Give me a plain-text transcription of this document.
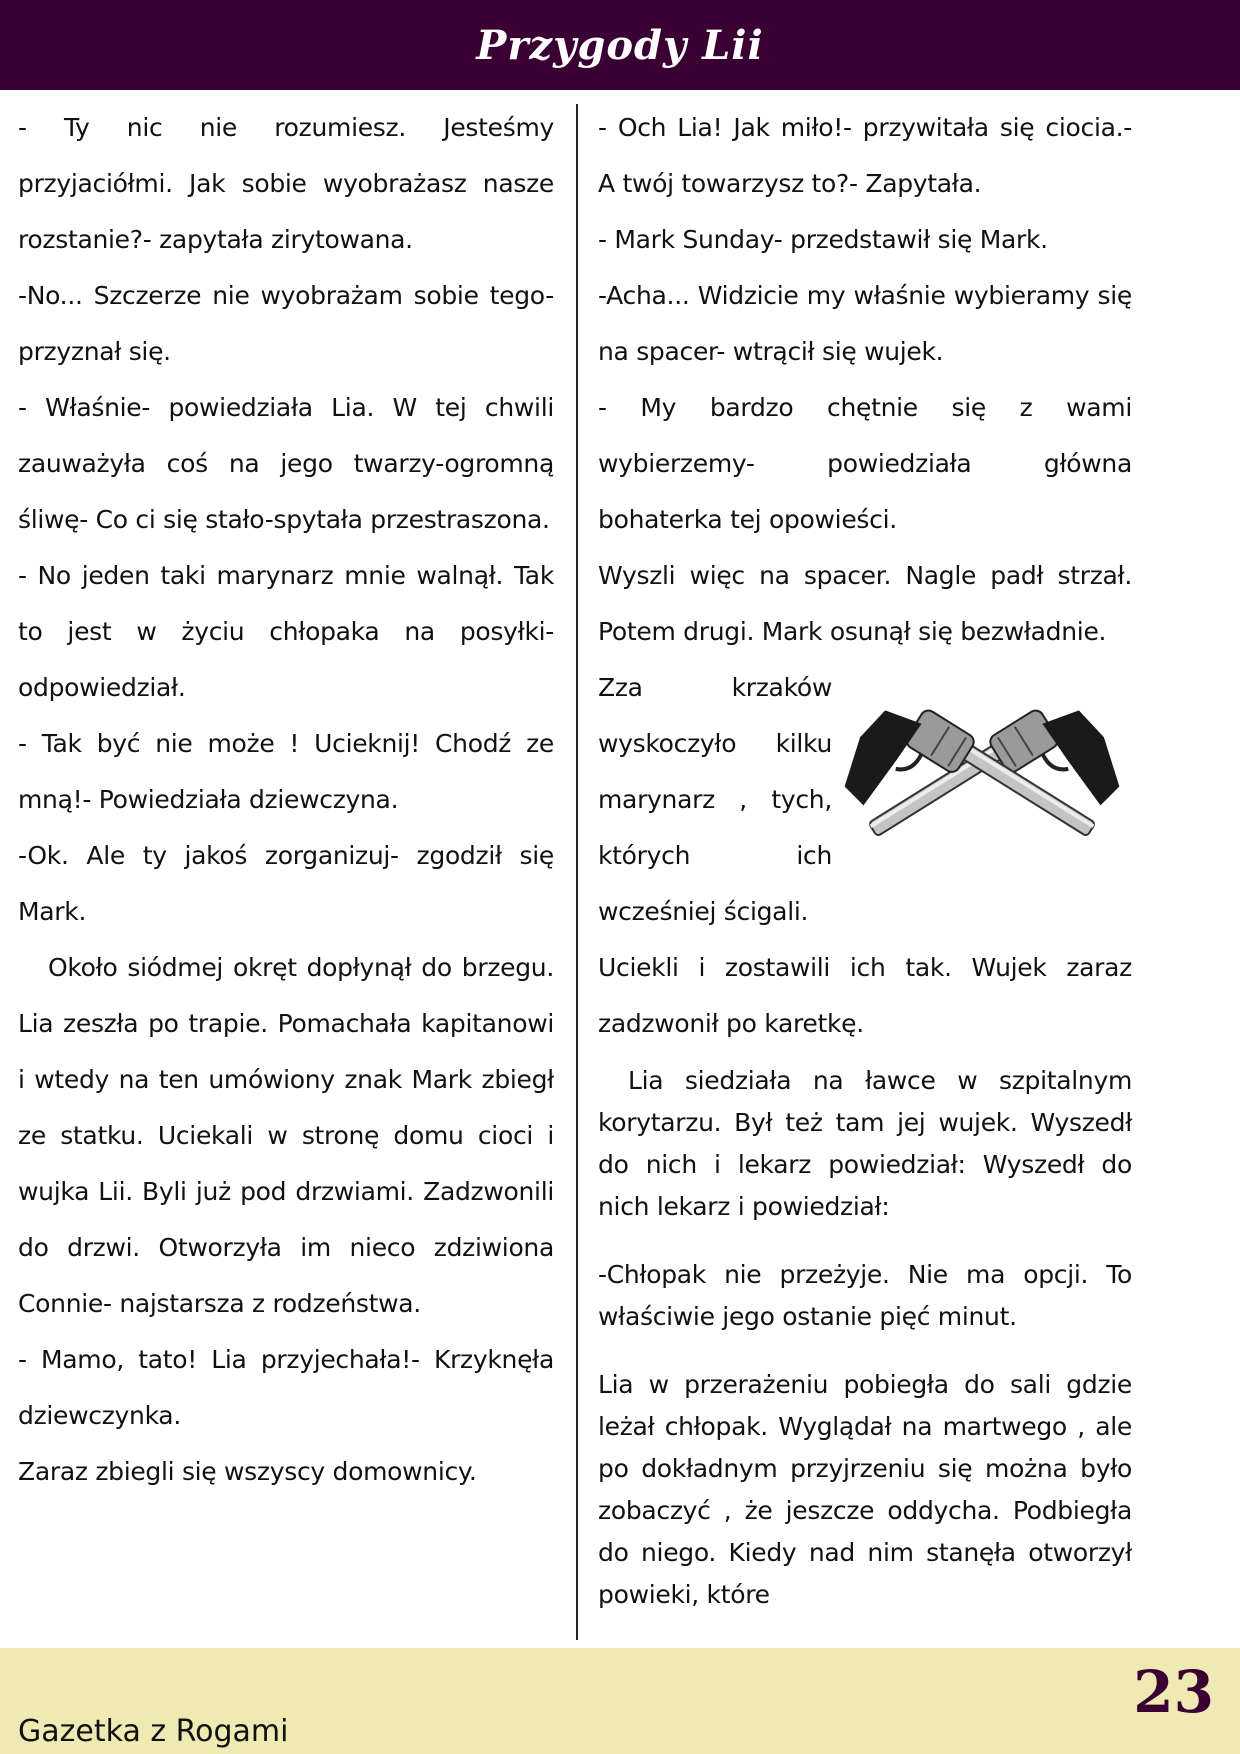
Przygody Lii

- Ty nic nie rozumiesz. Jesteśmy przyjaciółmi. Jak sobie wyobrażasz nasze rozstanie?- zapytała zirytowana.

-No... Szczerze nie wyobrażam sobie tego- przyznał się.

- Właśnie- powiedziała Lia. W tej chwili zauważyła coś na jego twarzy-ogromną śliwę- Co ci się stało-spytała przestraszona.

- No jeden taki marynarz mnie walnął. Tak to jest w życiu chłopaka na posyłki- odpowiedział.

- Tak być nie może ! Ucieknij! Chodź ze mną!- Powiedziała dziewczyna.

-Ok. Ale ty jakoś zorganizuj- zgodził się Mark.

Około siódmej okręt dopłynął do brzegu. Lia zeszła po trapie. Pomachała kapitanowi i wtedy na ten umówiony znak Mark zbiegł ze statku. Uciekali w stronę domu cioci i wujka Lii. Byli już pod drzwiami. Zadzwonili do drzwi. Otworzyła im nieco zdziwiona Connie- najstarsza z rodzeństwa.

- Mamo, tato! Lia przyjechała!- Krzyknęła dziewczynka.

Zaraz zbiegli się wszyscy domownicy.

- Och Lia! Jak miło!- przywitała się ciocia.- A twój towarzysz to?- Zapytała.

- Mark Sunday- przedstawił się Mark.

-Acha... Widzicie my właśnie wybieramy się na spacer- wtrącił się wujek.

- My bardzo chętnie się z wami wybierzemy- powiedziała główna bohaterka tej opowieści.

Wyszli więc na spacer. Nagle padł strzał. Potem drugi. Mark osunął się bezwładnie.

Zza krzaków wyskoczyło kilku marynarz , tych, których ich wcześniej ścigali.

Uciekli i zostawili ich tak. Wujek zaraz zadzwonił po karetkę.

Lia siedziała na ławce w szpitalnym korytarzu. Był też tam jej wujek. Wyszedł do nich i lekarz powiedział: Wyszedł do nich lekarz i powiedział:

-Chłopak nie przeżyje. Nie ma opcji. To właściwie jego ostanie pięć minut.

Lia w przerażeniu pobiegła do sali gdzie leżał chłopak. Wyglądał na martwego , ale po dokładnym przyjrzeniu się można było zobaczyć , że jeszcze oddycha. Podbiegła do niego. Kiedy nad nim stanęła otworzył powieki, które

Gazetka z Rogami
23
